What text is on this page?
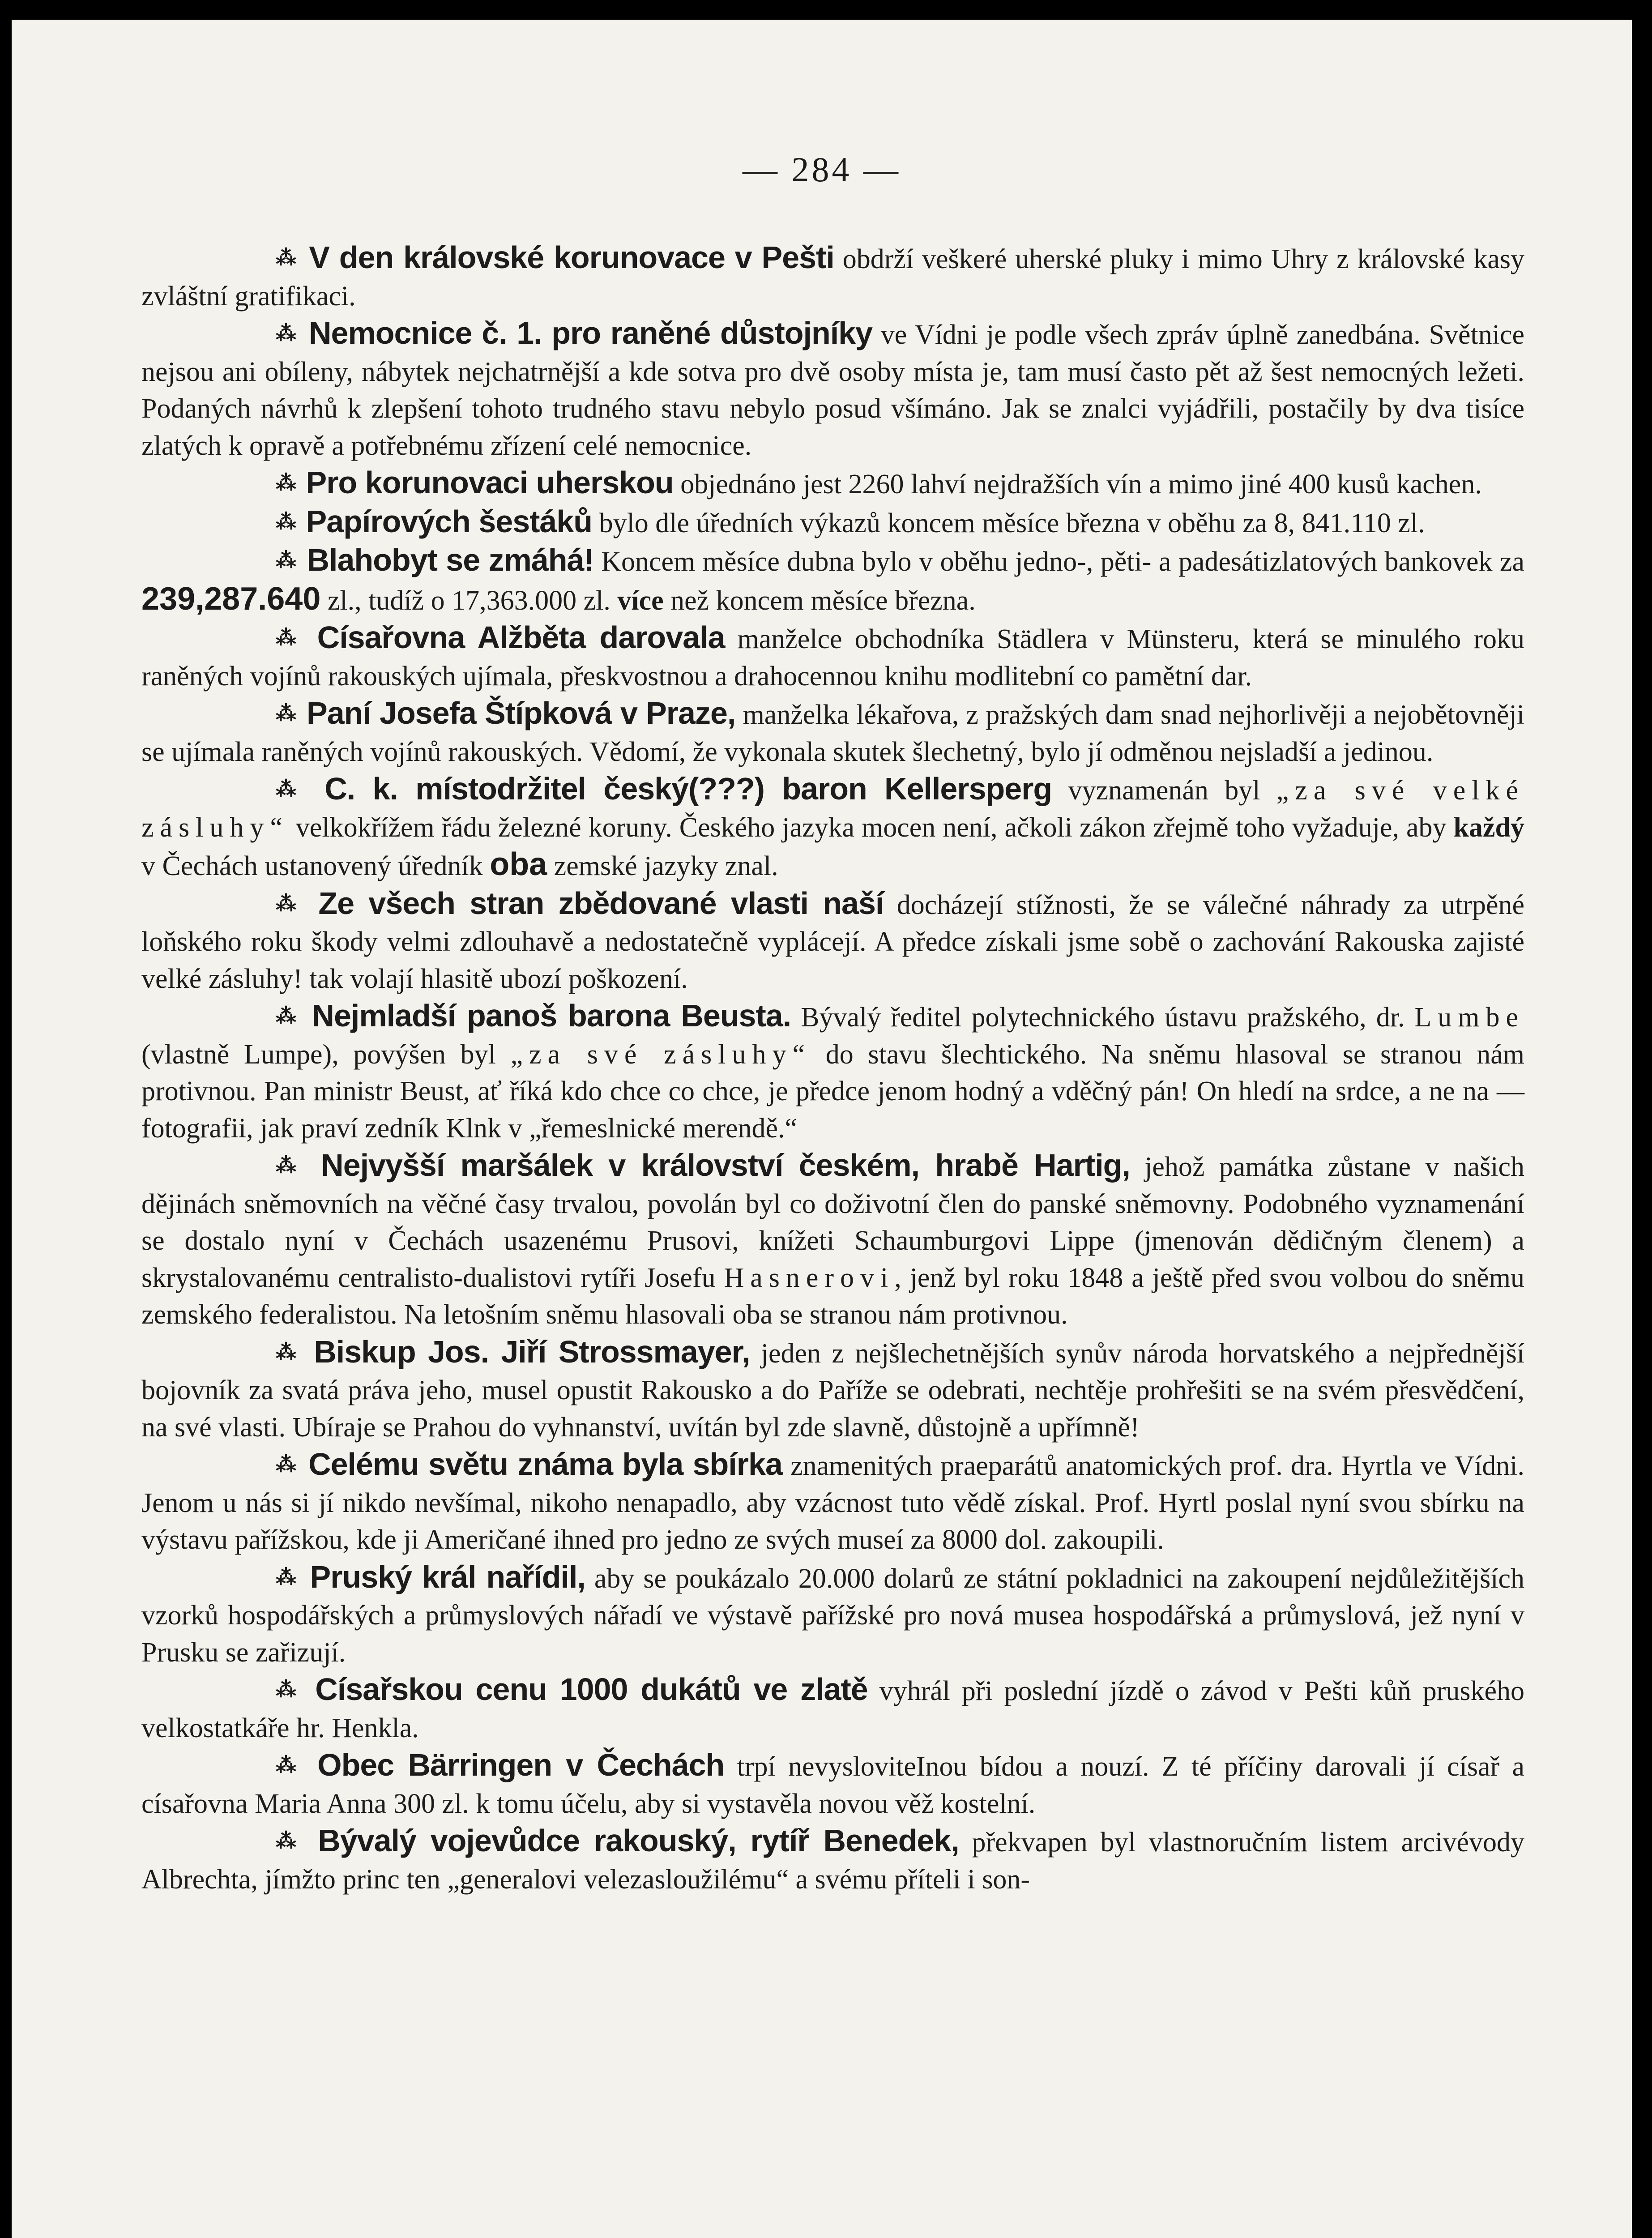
— 284 —

⁂ V den královské korunovace v Pešti obdrží veškeré uherské pluky i mimo Uhry z královské kasy zvláštní gratifikaci.

⁂ Nemocnice č. 1. pro raněné důstojníky ve Vídni je podle všech zpráv úplně zanedbána. Světnice nejsou ani obíleny, nábytek nejchatrnější a kde sotva pro dvě osoby místa je, tam musí často pět až šest nemocných ležeti. Podaných návrhů k zlepšení tohoto trudného stavu nebylo posud všímáno. Jak se znalci vyjádřili, postačily by dva tisíce zlatých k opravě a potřebnému zřízení celé nemocnice.

⁂ Pro korunovaci uherskou objednáno jest 2260 lahví nejdražších vín a mimo jiné 400 kusů kachen.

⁂ Papírových šestáků bylo dle úředních výkazů koncem měsíce března v oběhu za 8, 841.110 zl.

⁂ Blahobyt se zmáhá! Koncem měsíce dubna bylo v oběhu jedno-, pěti- a padesátizlatových bankovek za 239,287.640 zl., tudíž o 17,363.000 zl. více než koncem měsíce března.

⁂ Císařovna Alžběta darovala manželce obchodníka Städlera v Münsteru, která se minulého roku raněných vojínů rakouských ujímala, přeskvostnou a drahocennou knihu modlitební co pamětní dar.

⁂ Paní Josefa Štípková v Praze, manželka lékařova, z pražských dam snad nejhorlivěji a nejobětovněji se ujímala raněných vojínů rakouských. Vědomí, že vykonala skutek šlechetný, bylo jí odměnou nejsladší a jedinou.

⁂ C. k. místodržitel český(???) baron Kellersperg vyznamenán byl „za své velké zásluhy“ velkokřížem řádu železné koruny. Českého jazyka mocen není, ačkoli zákon zřejmě toho vyžaduje, aby každý v Čechách ustanovený úředník oba zemské jazyky znal.

⁂ Ze všech stran zbědované vlasti naší docházejí stížnosti, že se válečné náhrady za utrpěné loňského roku škody velmi zdlouhavě a nedostatečně vyplácejí. A předce získali jsme sobě o zachování Rakouska zajisté velké zásluhy! tak volají hlasitě ubozí poškození.

⁂ Nejmladší panoš barona Beusta. Bývalý ředitel polytechnického ústavu pražského, dr. Lumbe (vlastně Lumpe), povýšen byl „za své zásluhy“ do stavu šlechtického. Na sněmu hlasoval se stranou nám protivnou. Pan ministr Beust, ať říká kdo chce co chce, je předce jenom hodný a vděčný pán! On hledí na srdce, a ne na — fotografii, jak praví zedník Klnk v „řemeslnické merendě.“

⁂ Nejvyšší maršálek v království českém, hrabě Hartig, jehož památka zůstane v našich dějinách sněmovních na věčné časy trvalou, povolán byl co doživotní člen do panské sněmovny. Podobného vyznamenání se dostalo nyní v Čechách usazenému Prusovi, knížeti Schaumburgovi Lippe (jmenován dědičným členem) a skrystalovanému centralisto-dualistovi rytíři Josefu Hasnerovi, jenž byl roku 1848 a ještě před svou volbou do sněmu zemského federalistou. Na letošním sněmu hlasovali oba se stranou nám protivnou.

⁂ Biskup Jos. Jiří Strossmayer, jeden z nejšlechetnějších synův národa horvatského a nejpřednější bojovník za svatá práva jeho, musel opustit Rakousko a do Paříže se odebrati, nechtěje prohřešiti se na svém přesvědčení, na své vlasti. Ubíraje se Prahou do vyhnanství, uvítán byl zde slavně, důstojně a upřímně!

⁂ Celému světu známa byla sbírka znamenitých praeparátů anatomických prof. dra. Hyrtla ve Vídni. Jenom u nás si jí nikdo nevšímal, nikoho nenapadlo, aby vzácnost tuto vědě získal. Prof. Hyrtl poslal nyní svou sbírku na výstavu pařížskou, kde ji Američané ihned pro jedno ze svých museí za 8000 dol. zakoupili.

⁂ Pruský král nařídil, aby se poukázalo 20.000 dolarů ze státní pokladnici na zakoupení nejdůležitějších vzorků hospodářských a průmyslových nářadí ve výstavě pařížské pro nová musea hospodářská a průmyslová, jež nyní v Prusku se zařizují.

⁂ Císařskou cenu 1000 dukátů ve zlatě vyhrál při poslední jízdě o závod v Pešti kůň pruského velkostatkáře hr. Henkla.

⁂ Obec Bärringen v Čechách trpí nevysloviteInou bídou a nouzí. Z té příčiny darovali jí císař a císařovna Maria Anna 300 zl. k tomu účelu, aby si vystavěla novou věž kostelní.

⁂ Bývalý vojevůdce rakouský, rytíř Benedek, překvapen byl vlastnoručním listem arcivévody Albrechta, jímžto princ ten „generalovi velezasloužilému“ a svému příteli i son-
